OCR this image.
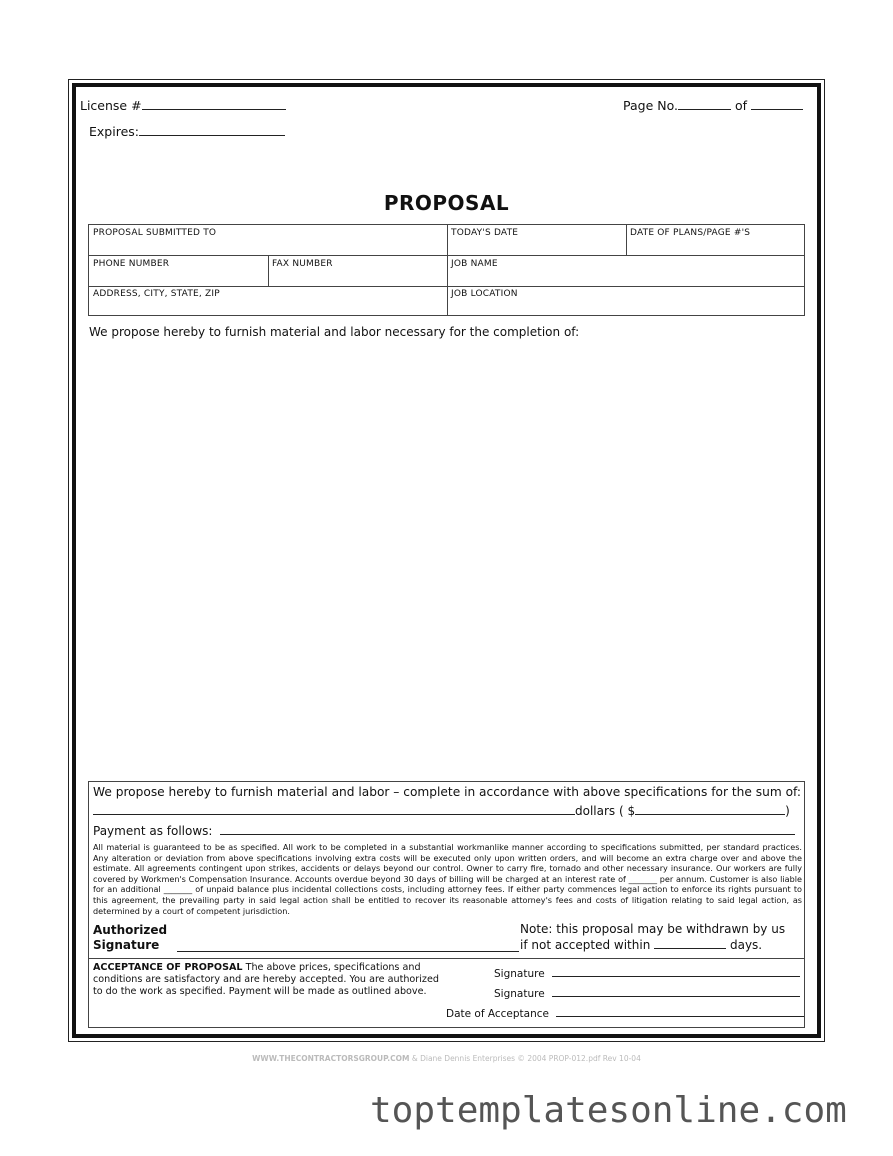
License #
Expires:
Page No.	of
PROPOSAL
PROPOSAL SUBMITTED TO	TODAY'S DATE	DATE OF PLANS/PAGE #'S
PHONE NUMBER	FAX NUMBER	JOB NAME
ADDRESS, CITY, STATE, ZIP	JOB LOCATION
We propose hereby to furnish material and labor necessary for the completion of:
We propose hereby to furnish material and labor – complete in accordance with above specifications for the sum of:
dollars ( $	)
Payment as follows:
All material is guaranteed to be as specified. All work to be completed in a substantial workmanlike manner according to specifications submitted, per standard practices. Any alteration or deviation from above specifications involving extra costs will be executed only upon written orders, and will become an extra charge over and above the estimate. All agreements contingent upon strikes, accidents or delays beyond our control. Owner to carry fire, tornado and other necessary insurance. Our workers are fully covered by Workmen's Compensation Insurance. Accounts overdue beyond 30 days of billing will be charged at an interest rate of _______ per annum. Customer is also liable for an additional _______ of unpaid balance plus incidental collections costs, including attorney fees. If either party commences legal action to enforce its rights pursuant to this agreement, the prevailing party in said legal action shall be entitled to recover its reasonable attorney's fees and costs of litigation relating to said legal action, as determined by a court of competent jurisdiction.
Authorized
Signature
Note: this proposal may be withdrawn by us
if not accepted within	days.
ACCEPTANCE OF PROPOSAL The above prices, specifications and
conditions are satisfactory and are hereby accepted. You are authorized
to do the work as specified. Payment will be made as outlined above.
Signature
Signature
Date of Acceptance
WWW.THECONTRACTORSGROUP.COM & Diane Dennis Enterprises © 2004 PROP-012.pdf Rev 10-04
toptemplatesonline.com
